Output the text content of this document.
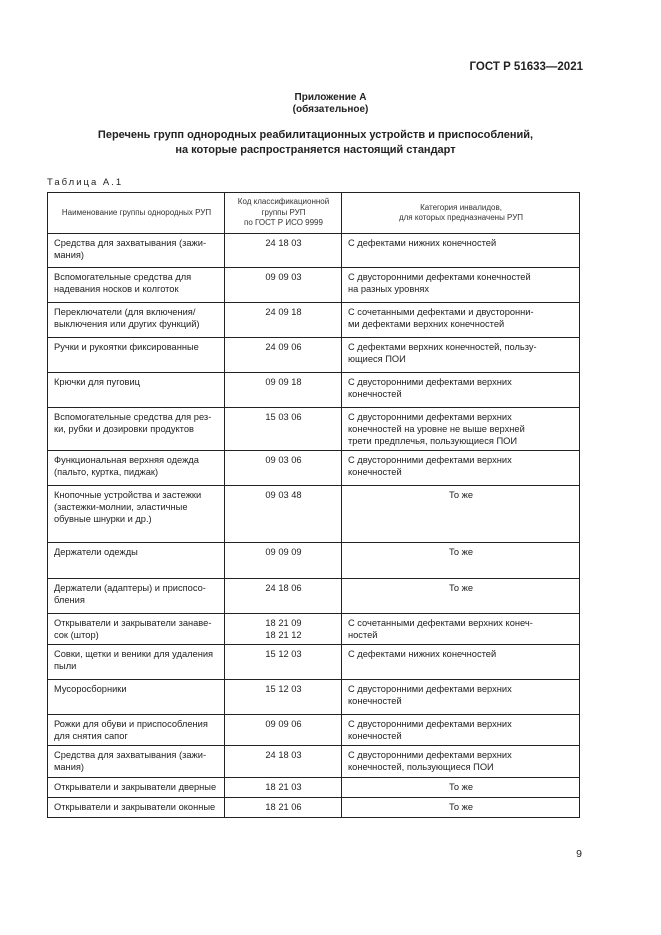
ГОСТ Р 51633—2021
Приложение А
(обязательное)
Перечень групп однородных реабилитационных устройств и приспособлений,
на которые распространяется настоящий стандарт
Таблица А.1
Наименование группы однородных РУП	Код классификационной
группы РУП
по ГОСТ Р ИСО 9999	Категория инвалидов,
для которых предназначены РУП

Средства для захватывания (зажи-
мания)	24 18 03	С дефектами нижних конечностей

Вспомогательные средства для
надевания носков и колготок	09 09 03	С двусторонними дефектами конечностей
на разных уровнях

Переключатели (для включения/
выключения или других функций)	24 09 18	С сочетанными дефектами и двусторонни-
ми дефектами верхних конечностей

Ручки и рукоятки фиксированные	24 09 06	С дефектами верхних конечностей, пользу-
ющиеся ПОИ

Крючки для пуговиц	09 09 18	С двусторонними дефектами верхних
конечностей

Вспомогательные средства для рез-
ки, рубки и дозировки продуктов	15 03 06	С двусторонними дефектами верхних
конечностей на уровне не выше верхней
трети предплечья, пользующиеся ПОИ

Функциональная верхняя одежда
(пальто, куртка, пиджак)	09 03 06	С двусторонними дефектами верхних
конечностей

Кнопочные устройства и застежки
(застежки-молнии, эластичные
обувные шнурки и др.)	09 03 48	То же

Держатели одежды	09 09 09	То же

Держатели (адаптеры) и приспосо-
бления	24 18 06	То же

Открыватели и закрыватели занаве-
сок (штор)	18 21 09
18 21 12	С сочетанными дефектами верхних конеч-
ностей

Совки, щетки и веники для удаления
пыли	15 12 03	С дефектами нижних конечностей

Мусоросборники	15 12 03	С двусторонними дефектами верхних
конечностей

Рожки для обуви и приспособления
для снятия сапог	09 09 06	С двусторонними дефектами верхних
конечностей

Средства для захватывания (зажи-
мания)	24 18 03	С двусторонними дефектами верхних
конечностей, пользующиеся ПОИ

Открыватели и закрыватели дверные	18 21 03	То же

Открыватели и закрыватели оконные	18 21 06	То же
9
